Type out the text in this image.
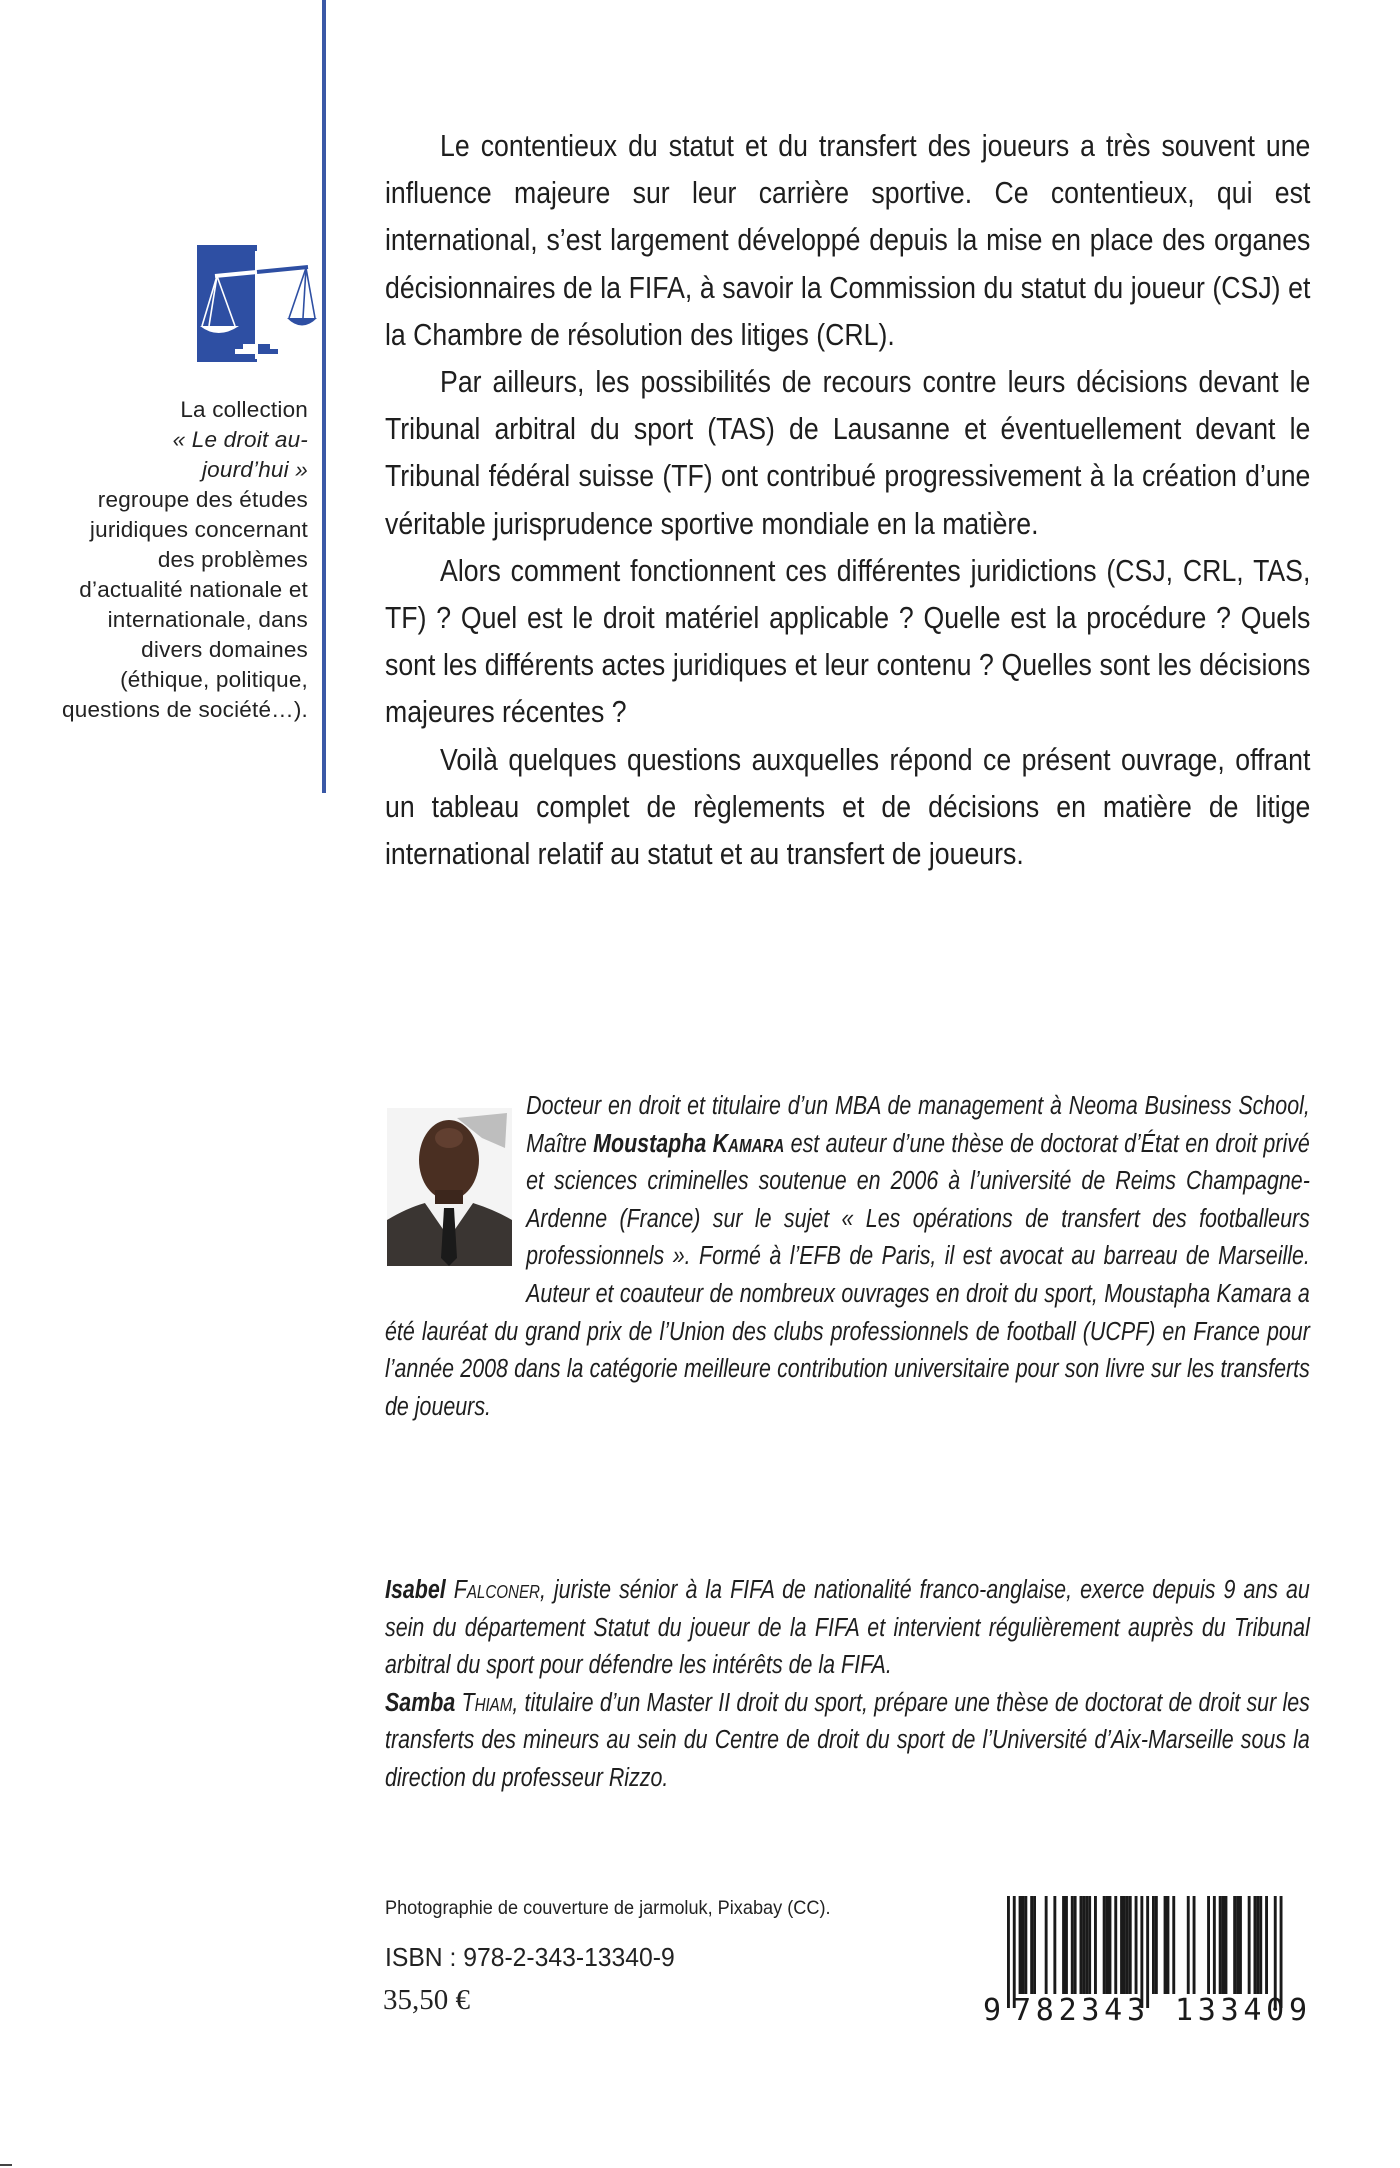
La collection
« Le droit au-
jourd’hui »
regroupe des études juridiques concernant des problèmes d’actualité nationale et internationale, dans divers domaines (éthique, politique, questions de société…).

Le contentieux du statut et du transfert des joueurs a très souvent une influence majeure sur leur carrière sportive. Ce contentieux, qui est international, s’est largement développé depuis la mise en place des organes décisionnaires de la FIFA, à savoir la Commission du statut du joueur (CSJ) et la Chambre de résolution des litiges (CRL).

Par ailleurs, les possibilités de recours contre leurs décisions devant le Tribunal arbitral du sport (TAS) de Lausanne et éventuellement devant le Tribunal fédéral suisse (TF) ont contribué progressivement à la création d’une véritable jurisprudence sportive mondiale en la matière.

Alors comment fonctionnent ces différentes juridictions (CSJ, CRL, TAS, TF) ? Quel est le droit matériel applicable ? Quelle est la procédure ? Quels sont les différents actes juridiques et leur contenu ? Quelles sont les décisions majeures récentes ?

Voilà quelques questions auxquelles répond ce présent ouvrage, offrant un tableau complet de règlements et de décisions en matière de litige international relatif au statut et au transfert de joueurs.

Docteur en droit et titulaire d’un MBA de management à Neoma Business School, Maître Moustapha Kamara est auteur d’une thèse de doctorat d’État en droit privé et sciences criminelles soutenue en 2006 à l’université de Reims Champagne-Ardenne (France) sur le sujet « Les opérations de transfert des footballeurs professionnels ». Formé à l’EFB de Paris, il est avocat au barreau de Marseille. Auteur et coauteur de nombreux ouvrages en droit du sport, Moustapha Kamara a été lauréat du grand prix de l’Union des clubs professionnels de football (UCPF) en France pour l’année 2008 dans la catégorie meilleure contribution universitaire pour son livre sur les transferts de joueurs.

Isabel Falconer, juriste sénior à la FIFA de nationalité franco-anglaise, exerce depuis 9 ans au sein du département Statut du joueur de la FIFA et intervient régulièrement auprès du Tribunal arbitral du sport pour défendre les intérêts de la FIFA.

Samba Thiam, titulaire d’un Master II droit du sport, prépare une thèse de doctorat de droit sur les transferts des mineurs au sein du Centre de droit du sport de l’Université d’Aix-Marseille sous la direction du professeur Rizzo.

Photographie de couverture de jarmoluk, Pixabay (CC).
ISBN : 978-2-343-13340-9
35,50 €	9 782343 133409
